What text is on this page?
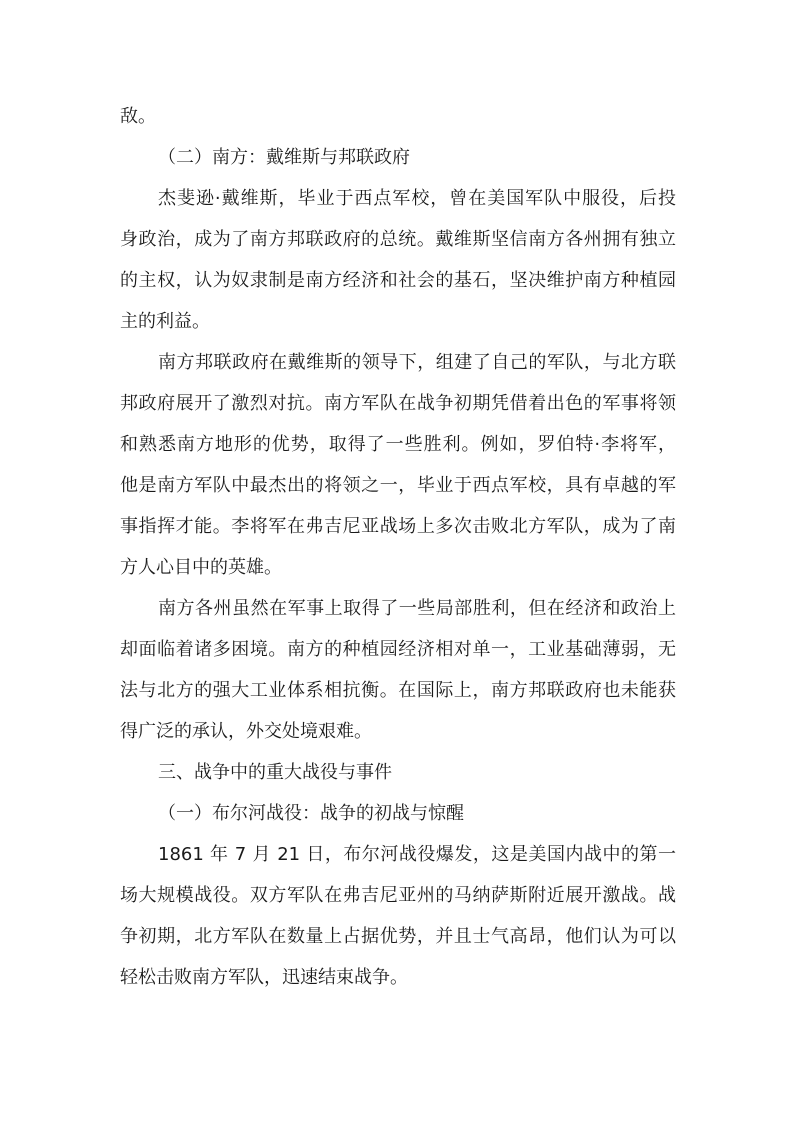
敌。

（二）南方：戴维斯与邦联政府

杰斐逊·戴维斯，毕业于西点军校，曾在美国军队中服役，后投

身政治，成为了南方邦联政府的总统。戴维斯坚信南方各州拥有独立

的主权，认为奴隶制是南方经济和社会的基石，坚决维护南方种植园

主的利益。

南方邦联政府在戴维斯的领导下，组建了自己的军队，与北方联

邦政府展开了激烈对抗。南方军队在战争初期凭借着出色的军事将领

和熟悉南方地形的优势，取得了一些胜利。例如，罗伯特·李将军，

他是南方军队中最杰出的将领之一，毕业于西点军校，具有卓越的军

事指挥才能。李将军在弗吉尼亚战场上多次击败北方军队，成为了南

方人心目中的英雄。

南方各州虽然在军事上取得了一些局部胜利，但在经济和政治上

却面临着诸多困境。南方的种植园经济相对单一，工业基础薄弱，无

法与北方的强大工业体系相抗衡。在国际上，南方邦联政府也未能获

得广泛的承认，外交处境艰难。

三、战争中的重大战役与事件

（一）布尔河战役：战争的初战与惊醒

1861 年 7 月 21 日，布尔河战役爆发，这是美国内战中的第一

场大规模战役。双方军队在弗吉尼亚州的马纳萨斯附近展开激战。战

争初期，北方军队在数量上占据优势，并且士气高昂，他们认为可以

轻松击败南方军队，迅速结束战争。
